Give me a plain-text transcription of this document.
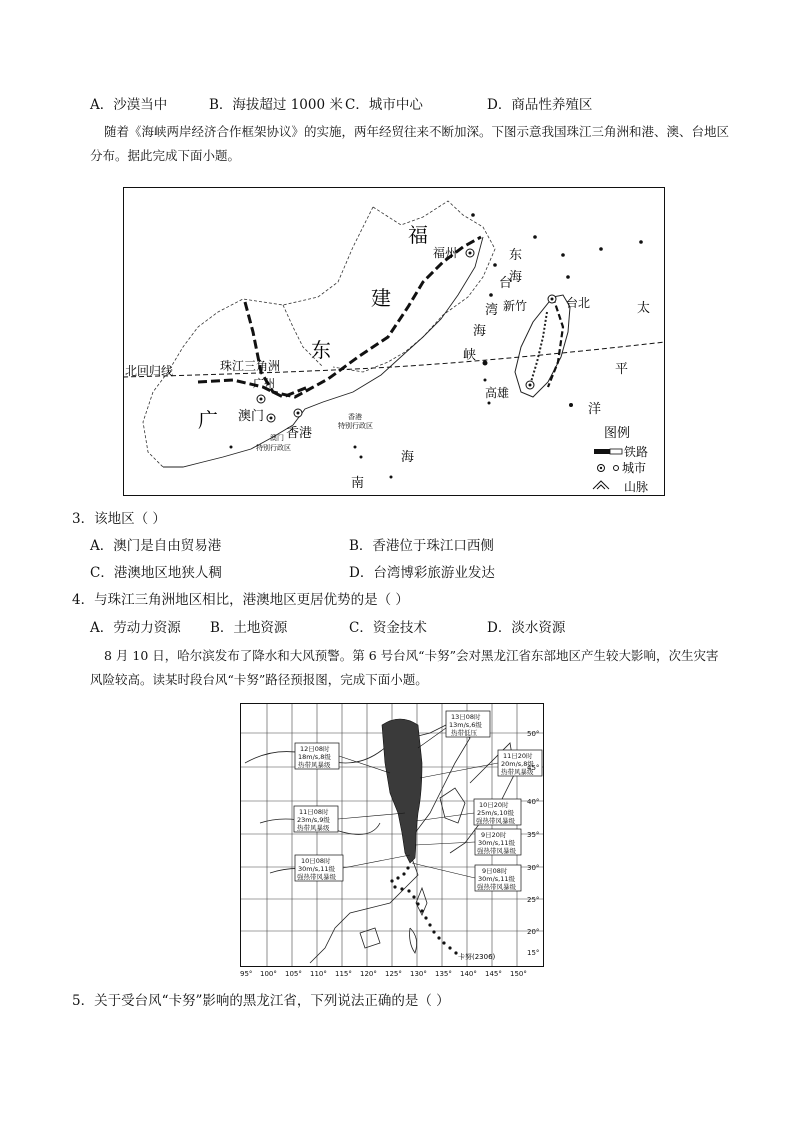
A．沙漠当中	B．海拔超过 1000 米 C．城市中心	D．商品性养殖区
随着《海峡两岸经济合作框架协议》的实施，两年经贸往来不断加深。下图示意我国珠江三角洲和港、澳、台地区分布。据此完成下面小题。
福
建
广
东
福州
台北
新竹
高雄
广州
澳门
香港
香港
特别行政区
澳门
特别行政区
北回归线	珠江三角洲
东
海
台
湾
海
峡
海
南
太
平
洋
图例
铁路
城市
山脉
3．该地区（ ）
A．澳门是自由贸易港	B．香港位于珠江口西侧
C．港澳地区地狭人稠	D．台湾博彩旅游业发达
4．与珠江三角洲地区相比，港澳地区更居优势的是（ ）
A．劳动力资源 B．土地资源	C．资金技术	D．淡水资源
8 月 10 日，哈尔滨发布了降水和大风预警。第 6 号台风“卡努”会对黑龙江省东部地区产生较大影响，次生灾害风险较高。读某时段台风“卡努”路径预报图，完成下面小题。
13日08时
13m/s,6级
热带低压
12日08时
18m/s,8级
热带风暴级
11日20时
20m/s,8级
热带风暴级
11日08时
23m/s,9级
热带风暴级
10日20时
25m/s,10级
强热带风暴级
9日20时
30m/s,11级
强热带风暴级
10日08时
30m/s,11级
强热带风暴级
9日08时
30m/s,11级
强热带风暴级
卡努(2306)
50°
45°
40°
35°
30°
25°
20°
15°
95° 100° 105° 110° 115° 120° 125° 130° 135° 140° 145° 150°
5．关于受台风“卡努”影响的黑龙江省，下列说法正确的是（ ）
